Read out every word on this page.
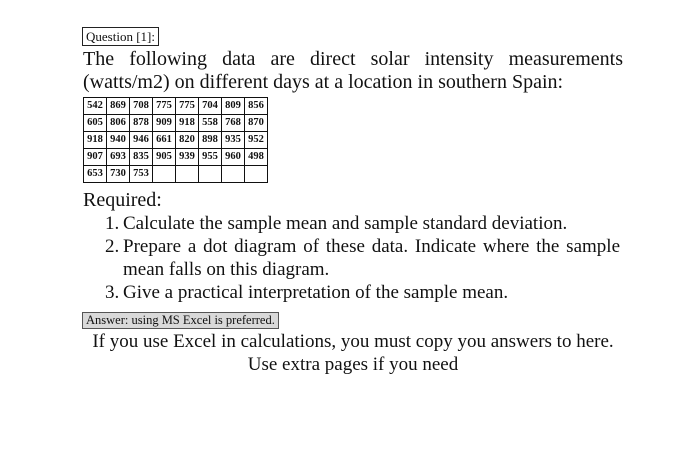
Question [1]:
The following data are direct solar intensity measurements (watts/m2) on different days at a location in southern Spain:
542	869	708	775	775	704	809	856
605	806	878	909	918	558	768	870
918	940	946	661	820	898	935	952
907	693	835	905	939	955	960	498
653	730	753					
Required:
1. Calculate the sample mean and sample standard deviation.
2. Prepare a dot diagram of these data. Indicate where the sample mean falls on this diagram.
3. Give a practical interpretation of the sample mean.
Answer: using MS Excel is preferred.
If you use Excel in calculations, you must copy you answers to here.
Use extra pages if you need
